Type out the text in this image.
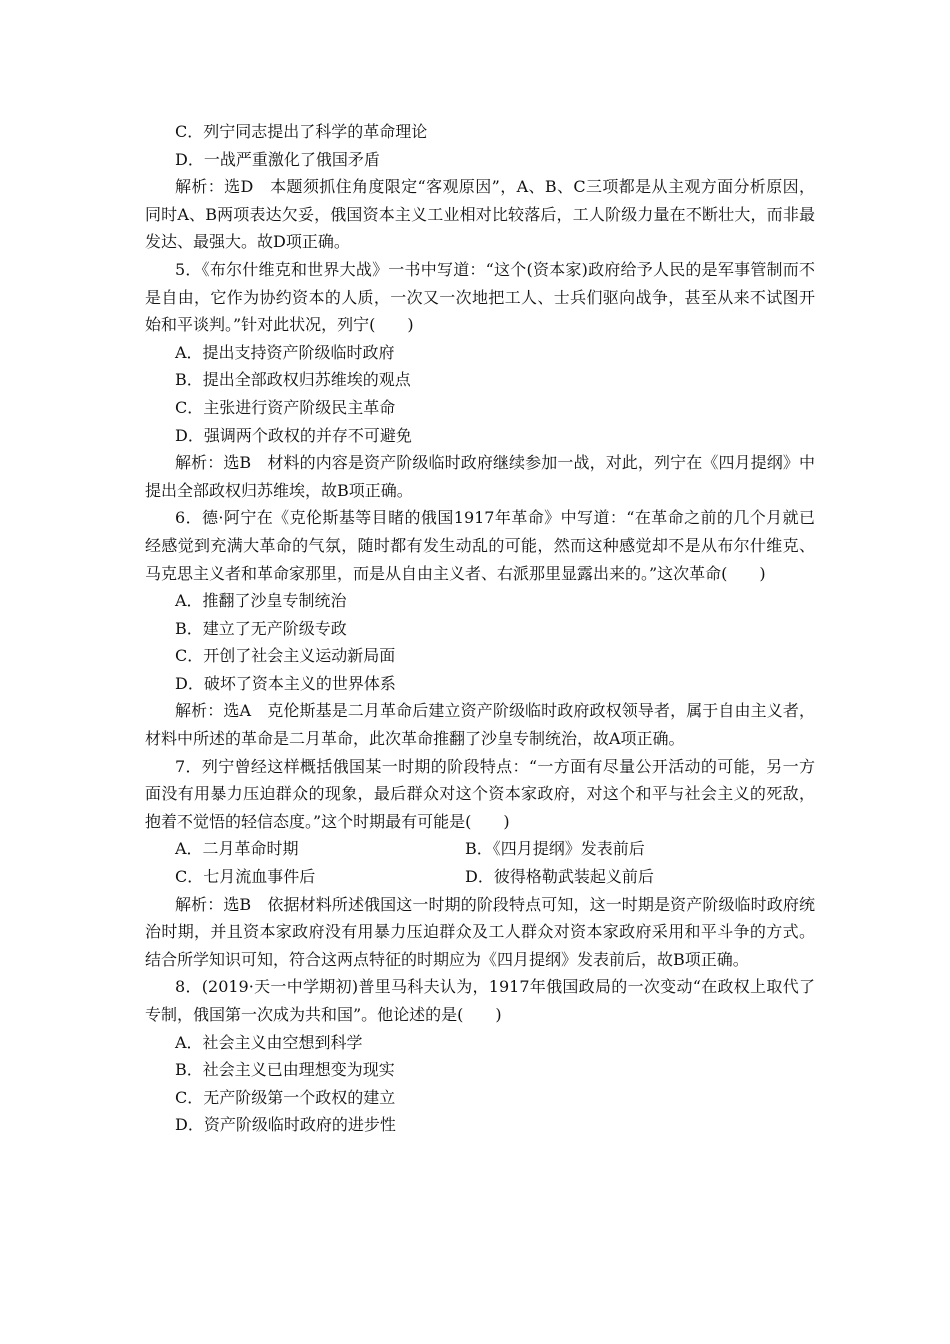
C．列宁同志提出了科学的革命理论
D．一战严重激化了俄国矛盾
解析：选D　本题须抓住角度限定“客观原因”，A、B、C三项都是从主观方面分析原因，同时A、B两项表达欠妥，俄国资本主义工业相对比较落后，工人阶级力量在不断壮大，而非最发达、最强大。故D项正确。
5．《布尔什维克和世界大战》一书中写道：“这个(资本家)政府给予人民的是军事管制而不是自由，它作为协约资本的人质，一次又一次地把工人、士兵们驱向战争，甚至从来不试图开始和平谈判。”针对此状况，列宁(　　)
A．提出支持资产阶级临时政府
B．提出全部政权归苏维埃的观点
C．主张进行资产阶级民主革命
D．强调两个政权的并存不可避免
解析：选B　材料的内容是资产阶级临时政府继续参加一战，对此，列宁在《四月提纲》中提出全部政权归苏维埃，故B项正确。
6．德·阿宁在《克伦斯基等目睹的俄国1917年革命》中写道：“在革命之前的几个月就已经感觉到充满大革命的气氛，随时都有发生动乱的可能，然而这种感觉却不是从布尔什维克、马克思主义者和革命家那里，而是从自由主义者、右派那里显露出来的。”这次革命(　　)
A．推翻了沙皇专制统治
B．建立了无产阶级专政
C．开创了社会主义运动新局面
D．破坏了资本主义的世界体系
解析：选A　克伦斯基是二月革命后建立资产阶级临时政府政权领导者，属于自由主义者，材料中所述的革命是二月革命，此次革命推翻了沙皇专制统治，故A项正确。
7．列宁曾经这样概括俄国某一时期的阶段特点：“一方面有尽量公开活动的可能，另一方面没有用暴力压迫群众的现象，最后群众对这个资本家政府，对这个和平与社会主义的死敌，抱着不觉悟的轻信态度。”这个时期最有可能是(　　)
A．二月革命时期	B．《四月提纲》发表前后
C．七月流血事件后	D．彼得格勒武装起义前后
解析：选B　依据材料所述俄国这一时期的阶段特点可知，这一时期是资产阶级临时政府统治时期，并且资本家政府没有用暴力压迫群众及工人群众对资本家政府采用和平斗争的方式。结合所学知识可知，符合这两点特征的时期应为《四月提纲》发表前后，故B项正确。
8．(2019·天一中学期初)普里马科夫认为，1917年俄国政局的一次变动“在政权上取代了专制，俄国第一次成为共和国”。他论述的是(　　)
A．社会主义由空想到科学
B．社会主义已由理想变为现实
C．无产阶级第一个政权的建立
D．资产阶级临时政府的进步性
